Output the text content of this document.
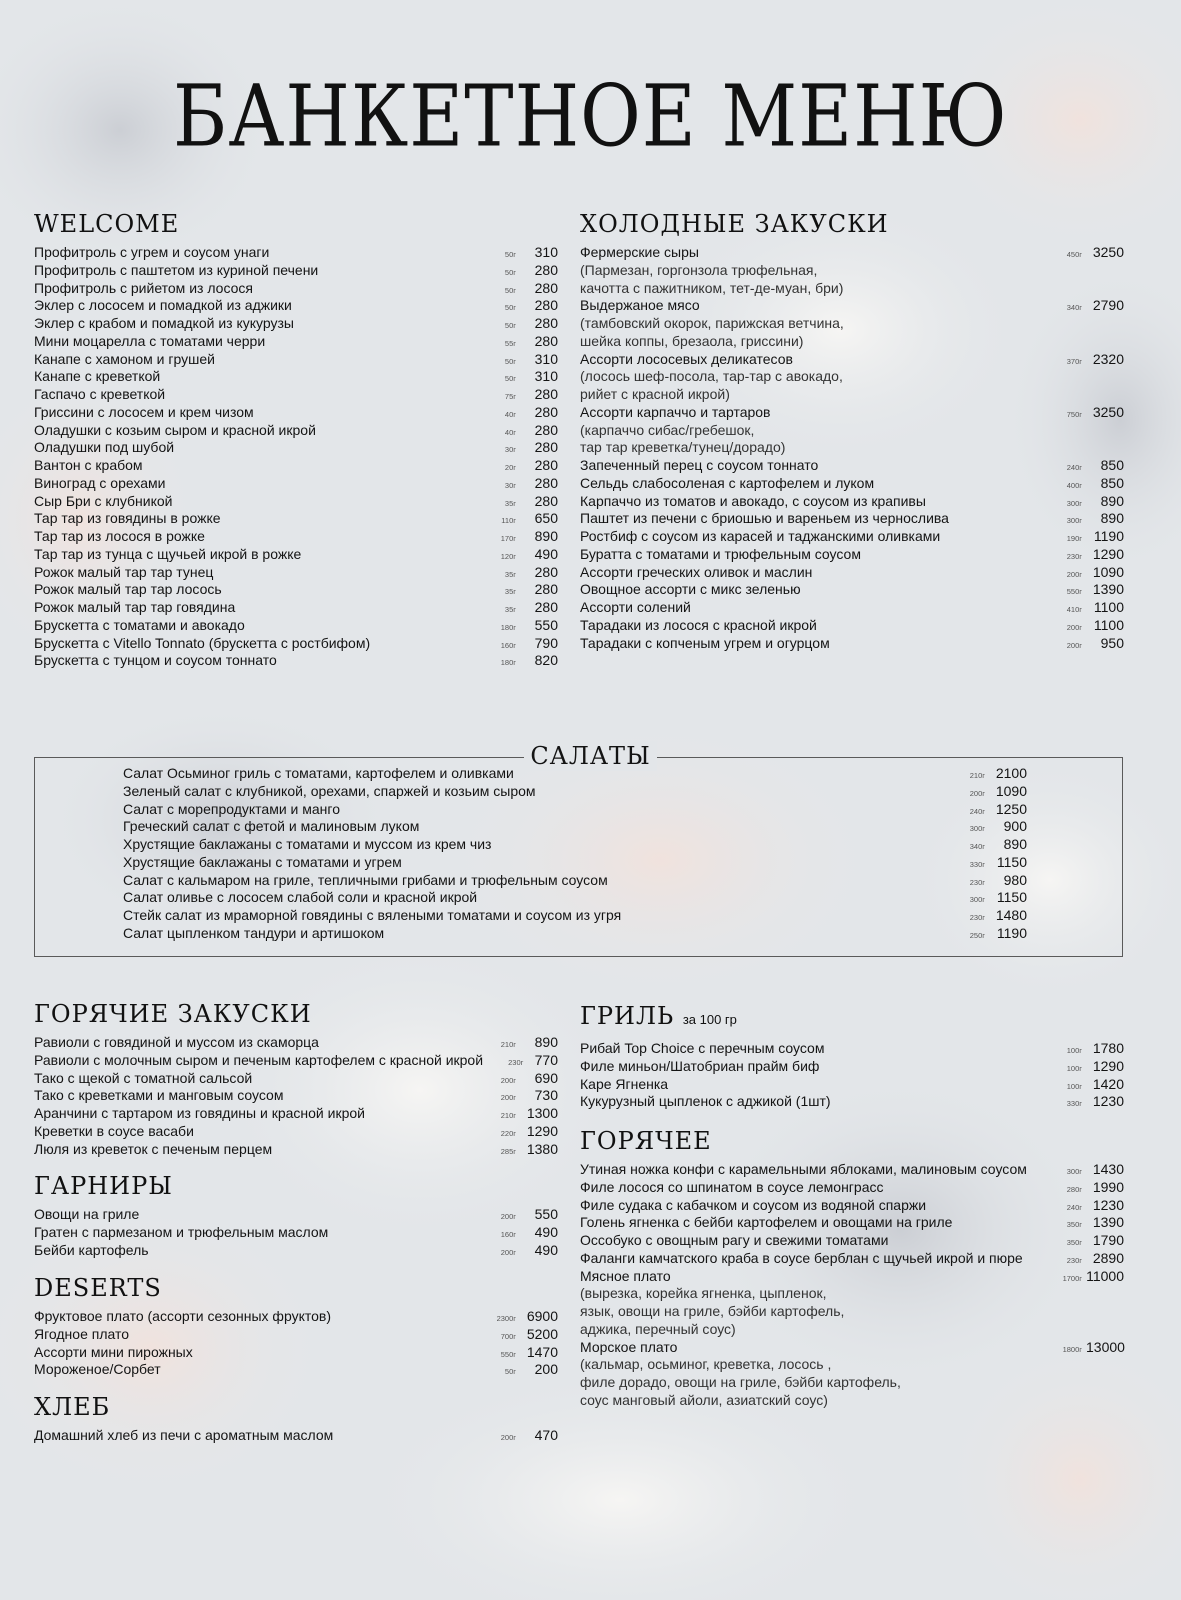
БАНКЕТНОЕ МЕНЮ
WELCOME
Профитроль с угрем и соусом унаги	50г	310
Профитроль с паштетом из куриной печени	50г	280
Профитроль с рийетом из лосося	50г	280
Эклер с лососем и помадкой из аджики	50г	280
Эклер с крабом и помадкой из кукурузы	50г	280
Мини моцарелла с томатами черри	55г	280
Канапе с хамоном и грушей	50г	310
Канапе с креветкой	50г	310
Гаспачо с креветкой	75г	280
Гриссини с лососем и крем чизом	40г	280
Оладушки с козьим сыром и красной икрой	40г	280
Оладушки под шубой	30г	280
Вантон с крабом	20г	280
Виноград с орехами	30г	280
Сыр Бри с клубникой	35г	280
Тар тар из говядины в рожке	110г	650
Тар тар из лосося в рожке	170г	890
Тар тар из тунца с щучьей икрой в рожке	120г	490
Рожок малый тар тар тунец	35г	280
Рожок малый тар тар лосось	35г	280
Рожок малый тар тар говядина	35г	280
Брускетта с томатами и авокадо	180г	550
Брускетта с Vitello Tonnato (брускетта с ростбифом)	160г	790
Брускетта с тунцом и соусом тоннато	180г	820
ХОЛОДНЫЕ ЗАКУСКИ
Фермерские сыры	450г 3250
(Пармезан, горгонзола трюфельная,
качотта с пажитником, тет-де-муан, бри)
Выдержаное мясо	340г 2790
(тамбовский окорок, парижская ветчина,
шейка коппы, брезаола, гриссини)
Ассорти лососевых деликатесов	370г 2320
(лосось шеф-посола, тар-тар с авокадо,
рийет с красной икрой)
Ассорти карпаччо и тартаров	750г 3250
(карпаччо сибас/гребешок,
тар тар креветка/тунец/дорадо)
Запеченный перец с соусом тоннато	240г	850
Сельдь слабосоленая с картофелем и луком	400г	850
Карпаччо из томатов и авокадо, с соусом из крапивы	300г	890
Паштет из печени с бриошью и вареньем из чернослива	300г	890
Ростбиф с соусом из карасей и таджанскими оливками	190г 1190
Буратта с томатами и трюфельным соусом	230г 1290
Ассорти греческих оливок и маслин	200г 1090
Овощное ассорти с микс зеленью	550г 1390
Ассорти солений	410г 1100
Тарадаки из лосося с красной икрой	200г 1100
Тарадаки с копченым угрем и огурцом	200г	950
САЛАТЫ
Салат Осьминог гриль с томатами, картофелем и оливками	210г 2100
Зеленый салат с клубникой, орехами, спаржей и козьим сыром	200г 1090
Салат с морепродуктами и манго	240г 1250
Греческий салат с фетой и малиновым луком	300г	900
Хрустящие баклажаны с томатами и муссом из крем чиз	340г	890
Хрустящие баклажаны с томатами и угрем	330г 1150
Салат с кальмаром на гриле, тепличными грибами и трюфельным соусом	230г	980
Салат оливье с лососем слабой соли и красной икрой	300г 1150
Стейк салат из мраморной говядины с вялеными томатами и соусом из угря	230г 1480
Салат цыпленком тандури и артишоком	250г 1190
ГОРЯЧИЕ ЗАКУСКИ
Равиоли с говядиной и муссом из скаморца	210г	890
Равиоли с молочным сыром и печеным картофелем с красной икрой	230г 770
Тако с щекой с томатной сальсой	200г	690
Тако с креветками и манговым соусом	200г	730
Аранчини с тартаром из говядины и красной икрой	210г 1300
Креветки в соусе васаби	220г 1290
Люля из креветок с печеным перцем	285г 1380
ГАРНИРЫ
Овощи на гриле	200г	550
Гратен с пармезаном и трюфельным маслом	160г	490
Бейби картофель	200г	490
DESERTS
Фруктовое плато (ассорти сезонных фруктов)	2300г 6900
Ягодное плато	700г 5200
Ассорти мини пирожных	550г 1470
Мороженое/Сорбет	50г	200
ХЛЕБ
Домашний хлеб из печи с ароматным маслом	200г	470
ГРИЛЬ за 100 гр
Рибай Top Choice с перечным соусом	100г 1780
Филе миньон/Шатобриан прайм биф	100г 1290
Каре Ягненка	100г 1420
Кукурузный цыпленок с аджикой (1шт)	330г 1230
ГОРЯЧЕЕ
Утиная ножка конфи с карамельными яблоками, малиновым соусом	300г 1430
Филе лосося со шпинатом в соусе лемонграсс	280г 1990
Филе судака с кабачком и соусом из водяной спаржи	240г 1230
Голень ягненка с бейби картофелем и овощами на гриле	350г 1390
Оссобуко с овощным рагу и свежими томатами	350г 1790
Фаланги камчатского краба в соусе берблан с щучьей икрой и пюре	230г 2890
Мясное плато	1700г 11000
(вырезка, корейка ягненка, цыпленок,
язык, овощи на гриле, бэйби картофель,
аджика, перечный соус)
Морское плато	1800г 13000
(кальмар, осьминог, креветка, лосось ,
филе дорадо, овощи на гриле, бэйби картофель,
соус манговый айоли, азиатский соус)
